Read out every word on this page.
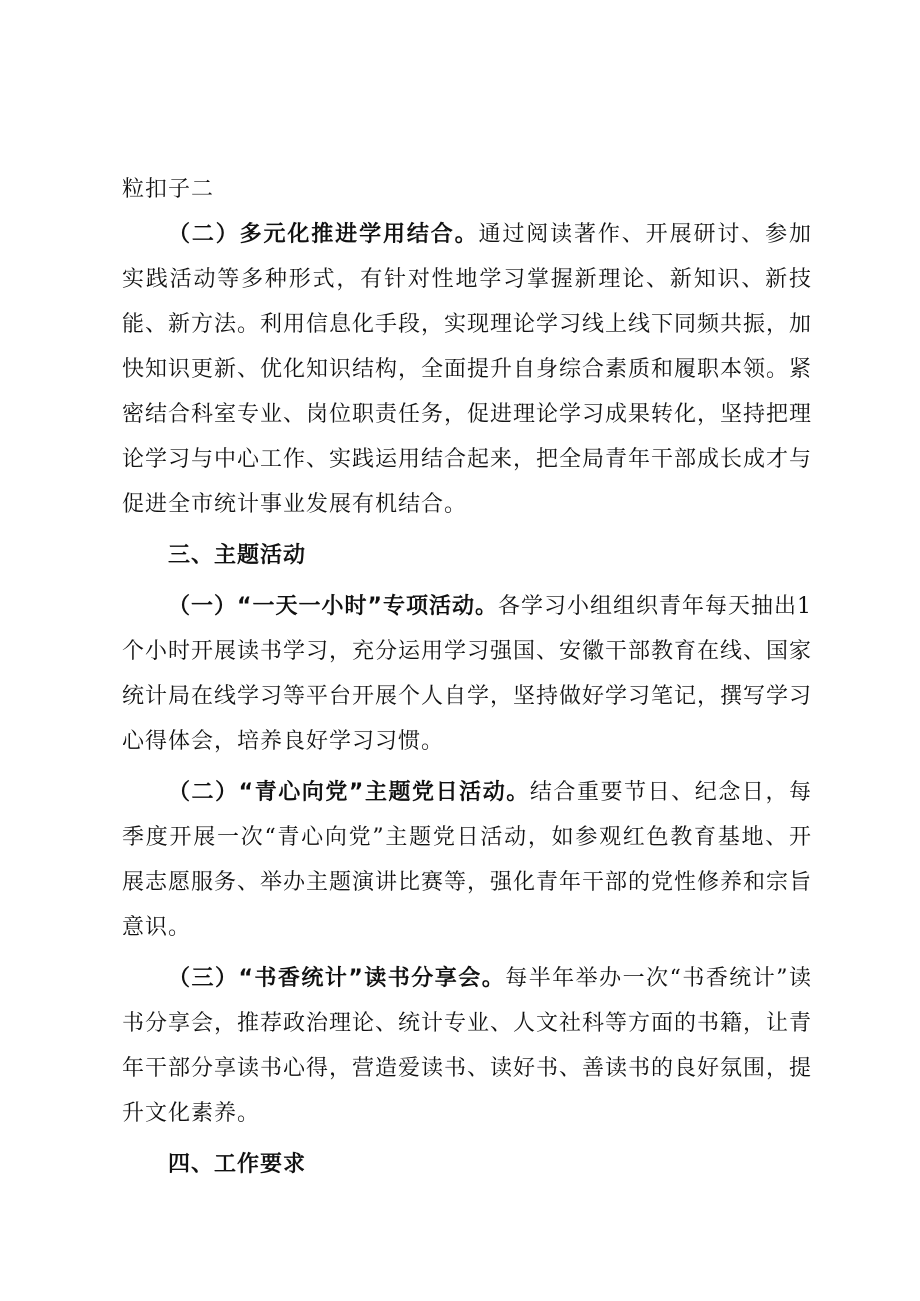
粒扣子二

（二）多元化推进学用结合。通过阅读著作、开展研讨、参加实践活动等多种形式，有针对性地学习掌握新理论、新知识、新技能、新方法。利用信息化手段，实现理论学习线上线下同频共振，加快知识更新、优化知识结构，全面提升自身综合素质和履职本领。紧密结合科室专业、岗位职责任务，促进理论学习成果转化，坚持把理论学习与中心工作、实践运用结合起来，把全局青年干部成长成才与促进全市统计事业发展有机结合。

三、主题活动

（一）“一天一小时”专项活动。各学习小组组织青年每天抽出1个小时开展读书学习，充分运用学习强国、安徽干部教育在线、国家统计局在线学习等平台开展个人自学，坚持做好学习笔记，撰写学习心得体会，培养良好学习习惯。

（二）“青心向党”主题党日活动。结合重要节日、纪念日，每季度开展一次“青心向党”主题党日活动，如参观红色教育基地、开展志愿服务、举办主题演讲比赛等，强化青年干部的党性修养和宗旨意识。

（三）“书香统计”读书分享会。每半年举办一次“书香统计”读书分享会，推荐政治理论、统计专业、人文社科等方面的书籍，让青年干部分享读书心得，营造爱读书、读好书、善读书的良好氛围，提升文化素养。

四、工作要求
